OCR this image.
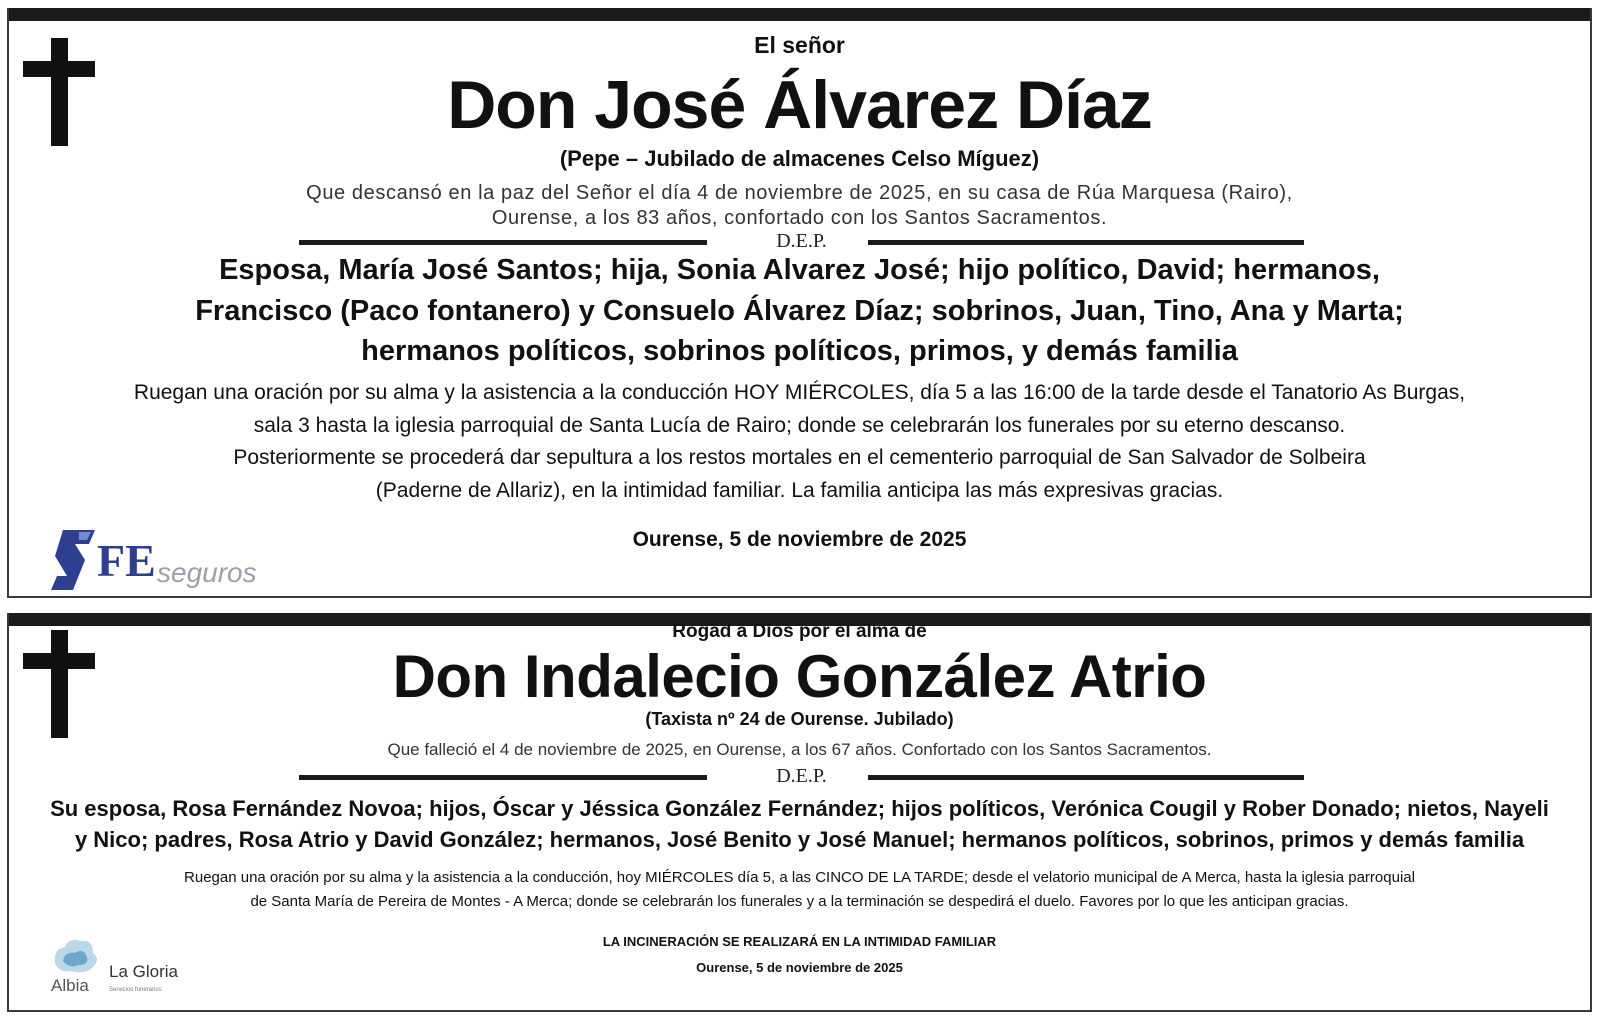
El señor
Don José Álvarez Díaz
(Pepe – Jubilado de almacenes Celso Míguez)
Que descansó en la paz del Señor el día 4 de noviembre de 2025, en su casa de Rúa Marquesa (Rairo),
Ourense, a los 83 años, confortado con los Santos Sacramentos.
D.E.P.
Esposa, María José Santos; hija, Sonia Alvarez José; hijo político, David; hermanos,
Francisco (Paco fontanero) y Consuelo Álvarez Díaz; sobrinos, Juan, Tino, Ana y Marta;
hermanos políticos, sobrinos políticos, primos, y demás familia
Ruegan una oración por su alma y la asistencia a la conducción HOY MIÉRCOLES, día 5 a las 16:00 de la tarde desde el Tanatorio As Burgas,
sala 3 hasta la iglesia parroquial de Santa Lucía de Rairo; donde se celebrarán los funerales por su eterno descanso.
Posteriormente se procederá dar sepultura a los restos mortales en el cementerio parroquial de San Salvador de Solbeira
(Paderne de Allariz), en la intimidad familiar. La familia anticipa las más expresivas gracias.
Ourense, 5 de noviembre de 2025
FE seguros
Rogad a Dios por el alma de
Don Indalecio González Atrio
(Taxista nº 24 de Ourense. Jubilado)
Que falleció el 4 de noviembre de 2025, en Ourense, a los 67 años. Confortado con los Santos Sacramentos.
D.E.P.
Su esposa, Rosa Fernández Novoa; hijos, Óscar y Jéssica González Fernández; hijos políticos, Verónica Cougil y Rober Donado; nietos, Nayeli
y Nico; padres, Rosa Atrio y David González; hermanos, José Benito y José Manuel; hermanos políticos, sobrinos, primos y demás familia
Ruegan una oración por su alma y la asistencia a la conducción, hoy MIÉRCOLES día 5, a las CINCO DE LA TARDE; desde el velatorio municipal de A Merca, hasta la iglesia parroquial
de Santa María de Pereira de Montes - A Merca; donde se celebrarán los funerales y a la terminación se despedirá el duelo. Favores por lo que les anticipan gracias.
LA INCINERACIÓN SE REALIZARÁ EN LA INTIMIDAD FAMILIAR
Ourense, 5 de noviembre de 2025
Albia
La Gloria
Servicios funerarios
